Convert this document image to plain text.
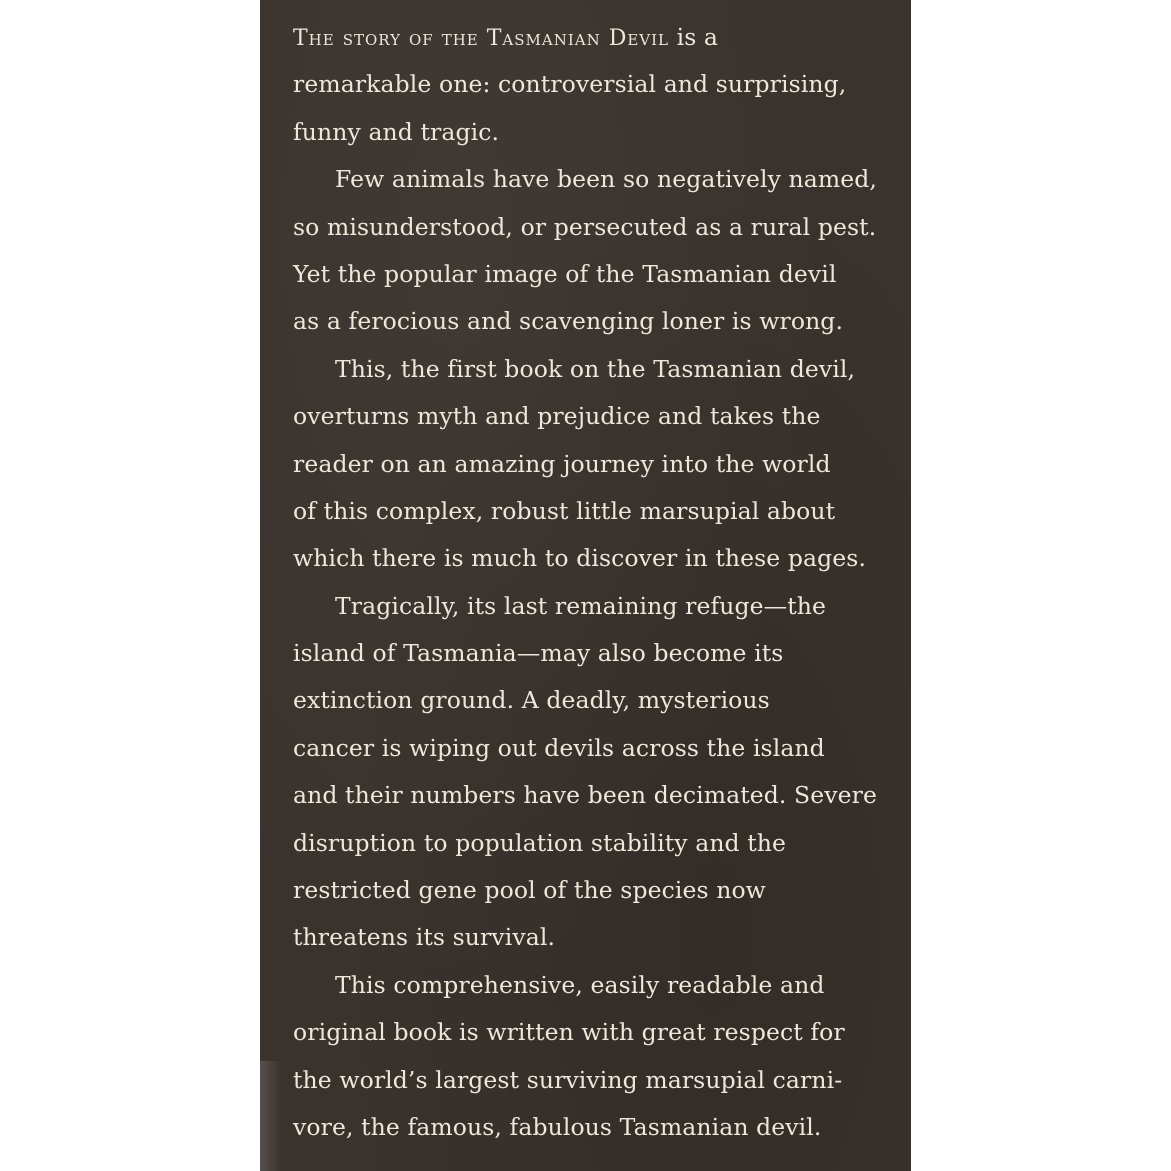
The story of the Tasmanian Devil is a
remarkable one: controversial and surprising,
funny and tragic.

Few animals have been so negatively named,
so misunderstood, or persecuted as a rural pest.
Yet the popular image of the Tasmanian devil
as a ferocious and scavenging loner is wrong.

This, the first book on the Tasmanian devil,
overturns myth and prejudice and takes the
reader on an amazing journey into the world
of this complex, robust little marsupial about
which there is much to discover in these pages.

Tragically, its last remaining refuge—the
island of Tasmania—may also become its
extinction ground. A deadly, mysterious
cancer is wiping out devils across the island
and their numbers have been decimated. Severe
disruption to population stability and the
restricted gene pool of the species now
threatens its survival.

This comprehensive, easily readable and
original book is written with great respect for
the world’s largest surviving marsupial carni-
vore, the famous, fabulous Tasmanian devil.
